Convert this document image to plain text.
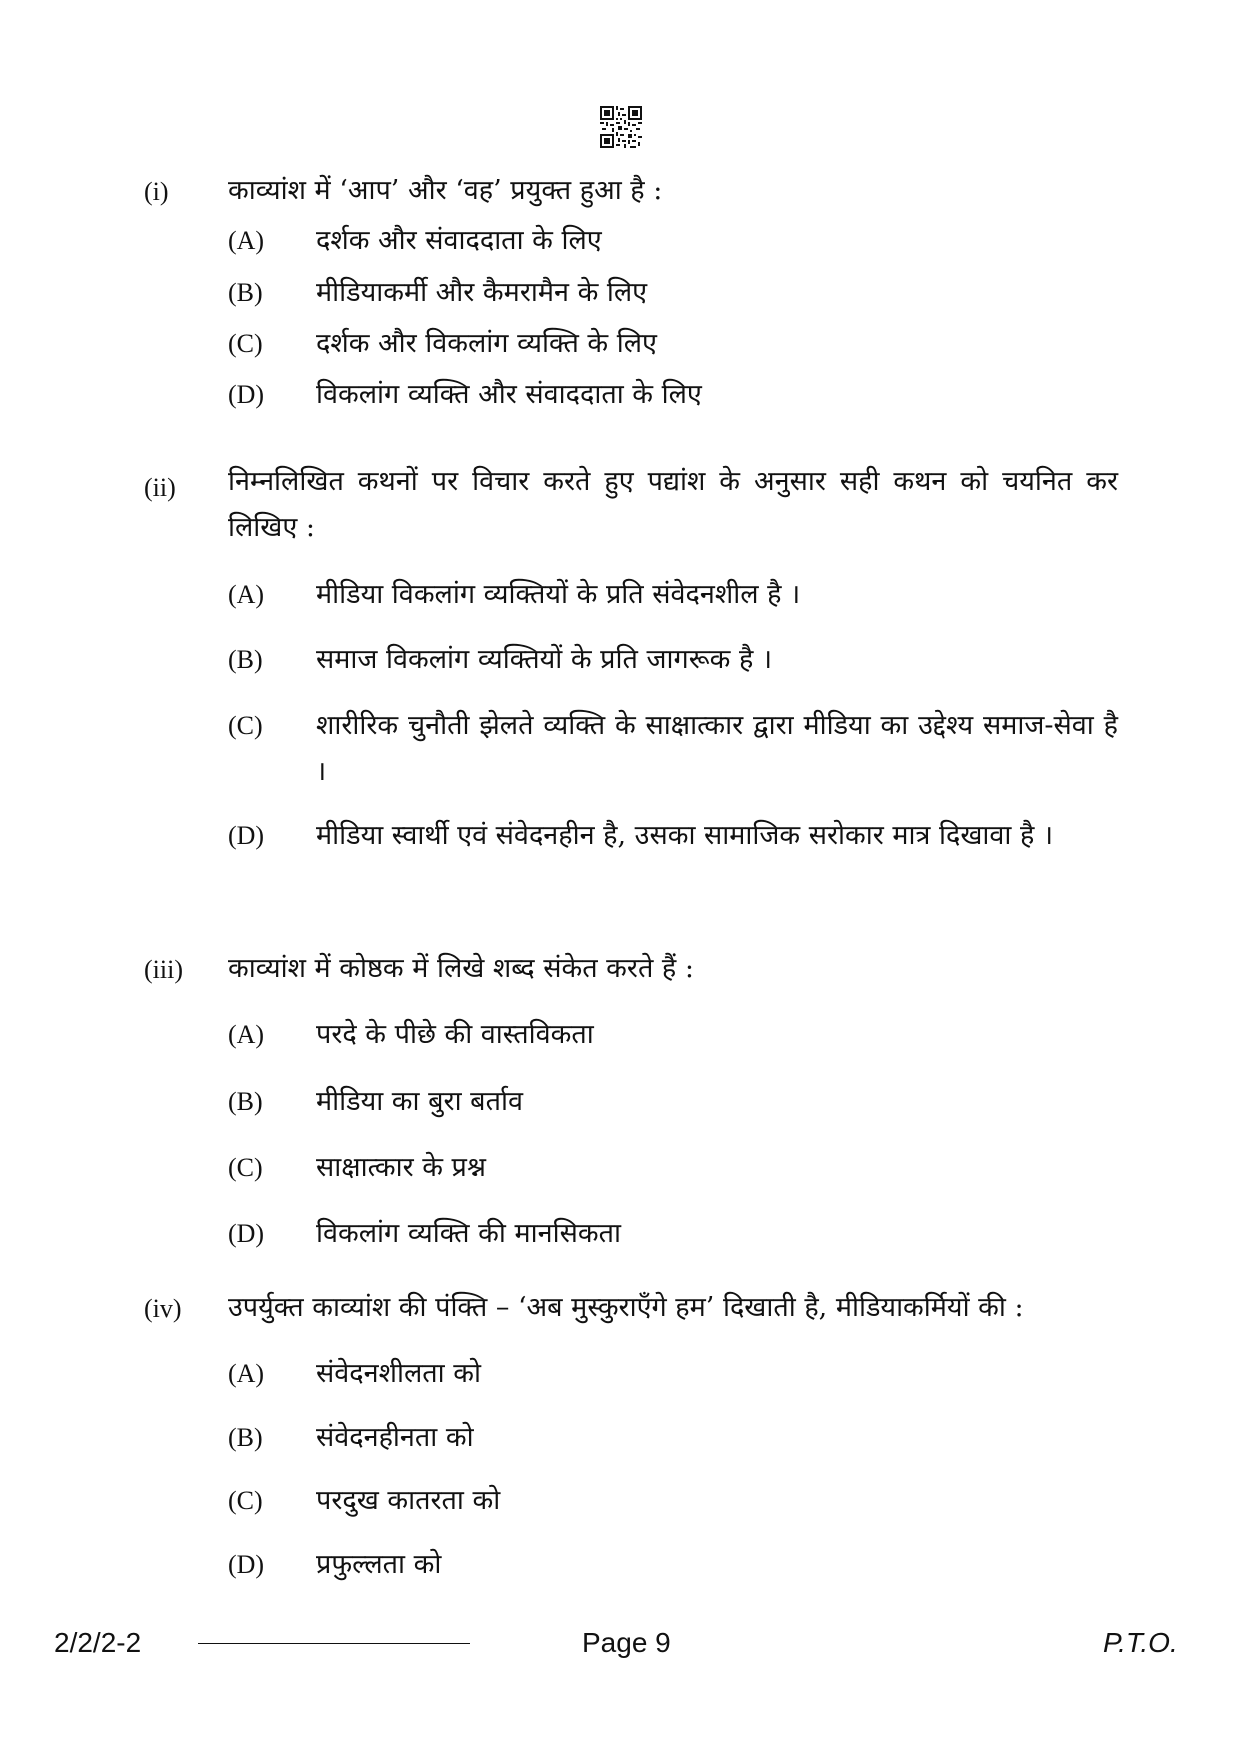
(i) काव्यांश में ‘आप’ और ‘वह’ प्रयुक्त हुआ है :
(A) दर्शक और संवाददाता के लिए
(B) मीडियाकर्मी और कैमरामैन के लिए
(C) दर्शक और विकलांग व्यक्ति के लिए
(D) विकलांग व्यक्ति और संवाददाता के लिए
(ii) निम्नलिखित कथनों पर विचार करते हुए पद्यांश के अनुसार सही कथन को चयनित कर लिखिए :
(A) मीडिया विकलांग व्यक्तियों के प्रति संवेदनशील है ।
(B) समाज विकलांग व्यक्तियों के प्रति जागरूक है ।
(C) शारीरिक चुनौती झेलते व्यक्ति के साक्षात्कार द्वारा मीडिया का उद्देश्य समाज-सेवा है ।
(D) मीडिया स्वार्थी एवं संवेदनहीन है, उसका सामाजिक सरोकार मात्र दिखावा है ।
(iii) काव्यांश में कोष्ठक में लिखे शब्द संकेत करते हैं :
(A) परदे के पीछे की वास्तविकता
(B) मीडिया का बुरा बर्ताव
(C) साक्षात्कार के प्रश्न
(D) विकलांग व्यक्ति की मानसिकता
(iv) उपर्युक्त काव्यांश की पंक्ति – ‘अब मुस्कुराएँगे हम’ दिखाती है, मीडियाकर्मियों की :
(A) संवेदनशीलता को
(B) संवेदनहीनता को
(C) परदुख कातरता को
(D) प्रफुल्लता को
2/2/2-2	Page 9	P.T.O.
